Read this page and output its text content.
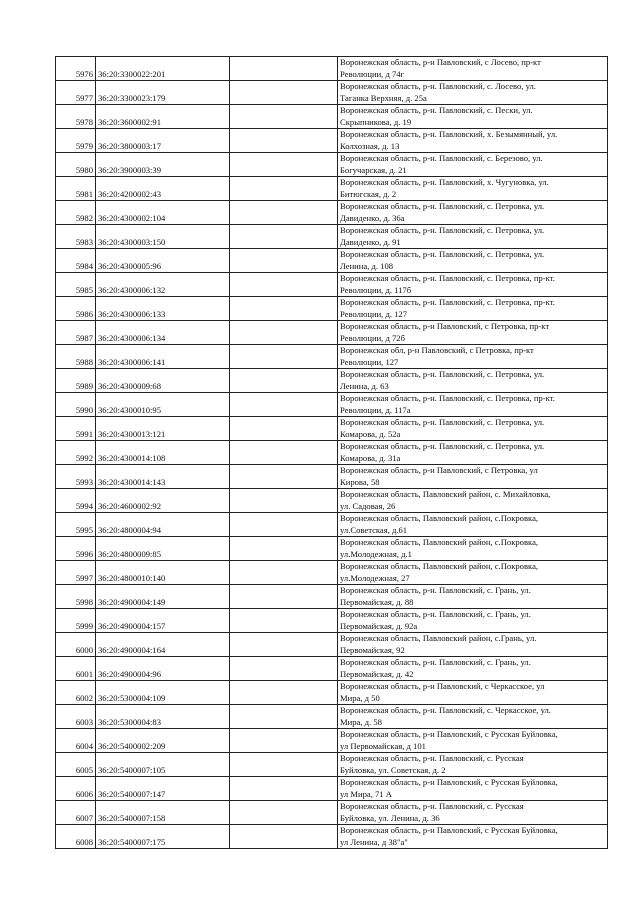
5976	36:20:3300022:201		Воронежская область, р-н Павловский, с Лосево, пр-кт
Революции, д 74г

5977	36:20:3300023:179		Воронежская область, р-н. Павловский, с. Лосево, ул.
Таганка Верхняя, д. 25а

5978	36:20:3600002:91		Воронежская область, р-н. Павловский, с. Пески, ул.
Скрыпникова, д. 19

5979	36:20:3800003:17		Воронежская область, р-н. Павловский, х. Безымянный, ул.
Колхозная, д. 13

5980	36:20:3900003:39		Воронежская область, р-н. Павловский, с. Березово, ул.
Богучарская, д. 21

5981	36:20:4200002:43		Воронежская область, р-н. Павловский, х. Чугуновка, ул.
Битюгская, д. 2

5982	36:20:4300002:104		Воронежская область, р-н. Павловский, с. Петровка, ул.
Давиденко, д. 36а

5983	36:20:4300003:150		Воронежская область, р-н. Павловский, с. Петровка, ул.
Давиденко, д. 91

5984	36:20:4300005:96		Воронежская область, р-н. Павловский, с. Петровка, ул.
Ленина, д. 108

5985	36:20:4300006:132		Воронежская область, р-н. Павловский, с. Петровка, пр-кт.
Революции, д. 117б

5986	36:20:4300006:133		Воронежская область, р-н. Павловский, с. Петровка, пр-кт.
Революции, д. 127

5987	36:20:4300006:134		Воронежская область, р-н Павловский, с Петровка, пр-кт
Революции, д 72б

5988	36:20:4300006:141		Воронежская обл, р-н Павловский, с Петровка, пр-кт
Революции, 127

5989	36:20:4300009:68		Воронежская область, р-н. Павловский, с. Петровка, ул.
Ленина, д. 63

5990	36:20:4300010:95		Воронежская область, р-н. Павловский, с. Петровка, пр-кт.
Революции, д. 117а

5991	36:20:4300013:121		Воронежская область, р-н. Павловский, с. Петровка, ул.
Комарова, д. 52а

5992	36:20:4300014:108		Воронежская область, р-н. Павловский, с. Петровка, ул.
Комарова, д. 31а

5993	36:20:4300014:143		Воронежская область, р-н Павловский, с Петровка, ул
Кирова, 58

5994	36:20:4600002:92		Воронежская область, Павловский район, с. Михайловка,
ул. Садовая, 26

5995	36:20:4800004:94		Воронежская область, Павловский район, с.Покровка,
ул.Советская, д.61

5996	36:20:4800009:85		Воронежская область, Павловский район, с.Покровка,
ул.Молодежная, д.1

5997	36:20:4800010:140		Воронежская область, Павловский район, с.Покровка,
ул.Молодежная, 27

5998	36:20:4900004:149		Воронежская область, р-н. Павловский, с. Грань, ул.
Первомайская, д. 88

5999	36:20:4900004:157		Воронежская область, р-н. Павловский, с. Грань, ул.
Первомайская, д. 92а

6000	36:20:4900004:164		Воронежская область, Павловский район, с.Грань, ул.
Первомайская, 92

6001	36:20:4900004:96		Воронежская область, р-н. Павловский, с. Грань, ул.
Первомайская, д. 42

6002	36:20:5300004:109		Воронежская область, р-н Павловский, с Черкасское, ул
Мира, д 50

6003	36:20:5300004:83		Воронежская область, р-н. Павловский, с. Черкасское, ул.
Мира, д. 58

6004	36:20:5400002:209		Воронежская область, р-н Павловский, с Русская Буйловка,
ул Первомайская, д 101

6005	36:20:5400007:105		Воронежская область, р-н. Павловский, с. Русская
Буйловка, ул. Советская, д. 2

6006	36:20:5400007:147		Воронежская область, р-н Павловский, с Русская Буйловка,
ул Мира, 71 А

6007	36:20:5400007:158		Воронежская область, р-н. Павловский, с. Русская
Буйловка, ул. Ленина, д. 36

6008	36:20:5400007:175		Воронежская область, р-н Павловский, с Русская Буйловка,
ул Ленина, д 38"а"
